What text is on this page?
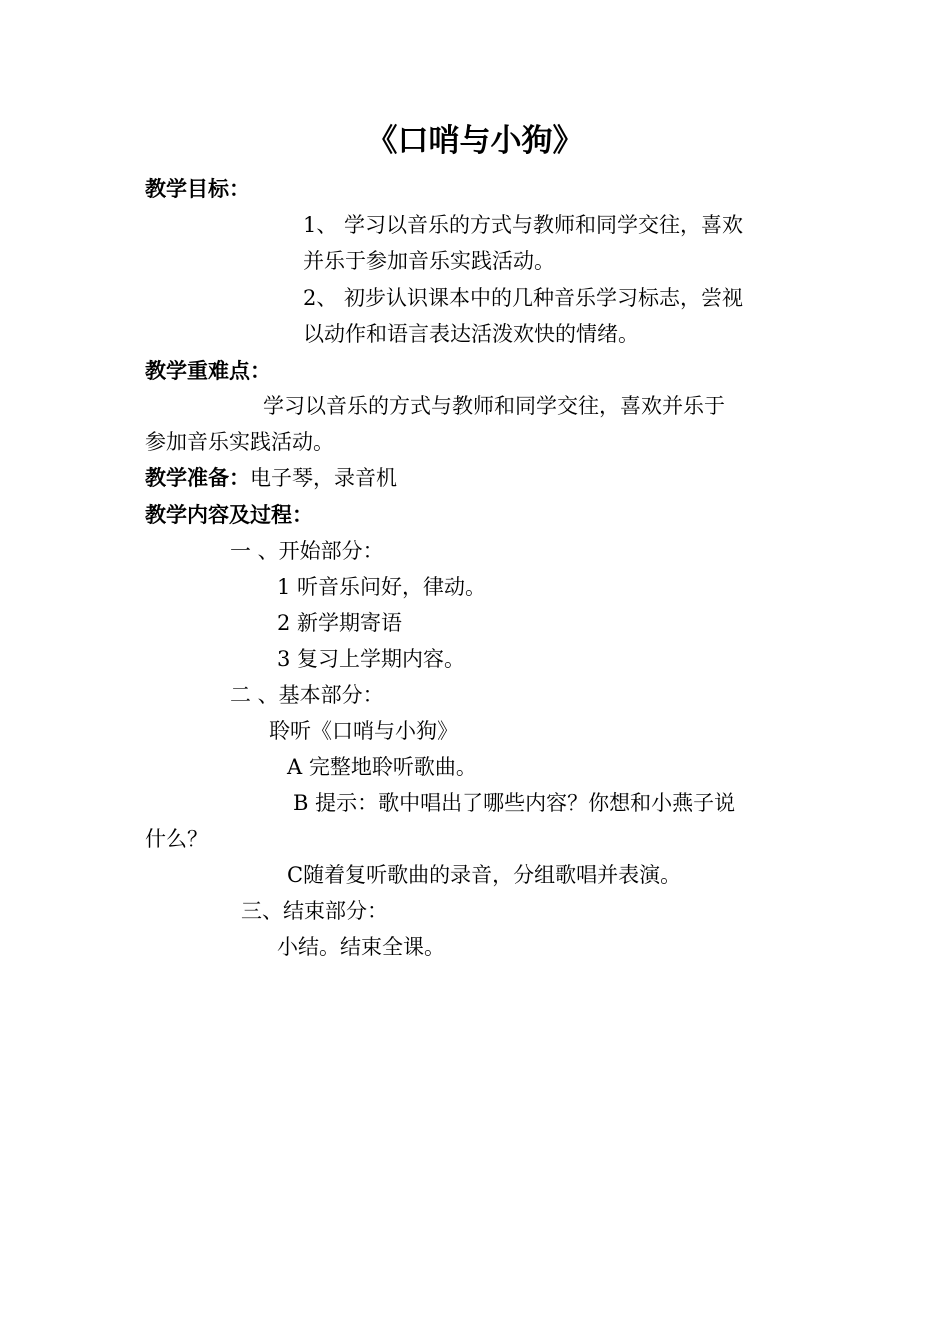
《口哨与小狗》
教学目标：
1、 学习以音乐的方式与教师和同学交往，喜欢
并乐于参加音乐实践活动。
2、 初步认识课本中的几种音乐学习标志，尝视
以动作和语言表达活泼欢快的情绪。
教学重难点：
学习以音乐的方式与教师和同学交往，喜欢并乐于
参加音乐实践活动。
教学准备：电子琴，录音机
教学内容及过程：
一 、开始部分：
1 听音乐问好，律动。
2 新学期寄语
3 复习上学期内容。
二 、基本部分：
聆听《口哨与小狗》
A 完整地聆听歌曲。
B 提示：歌中唱出了哪些内容？你想和小燕子说
什么？
C随着复听歌曲的录音，分组歌唱并表演。
三、结束部分：
小结。结束全课。
